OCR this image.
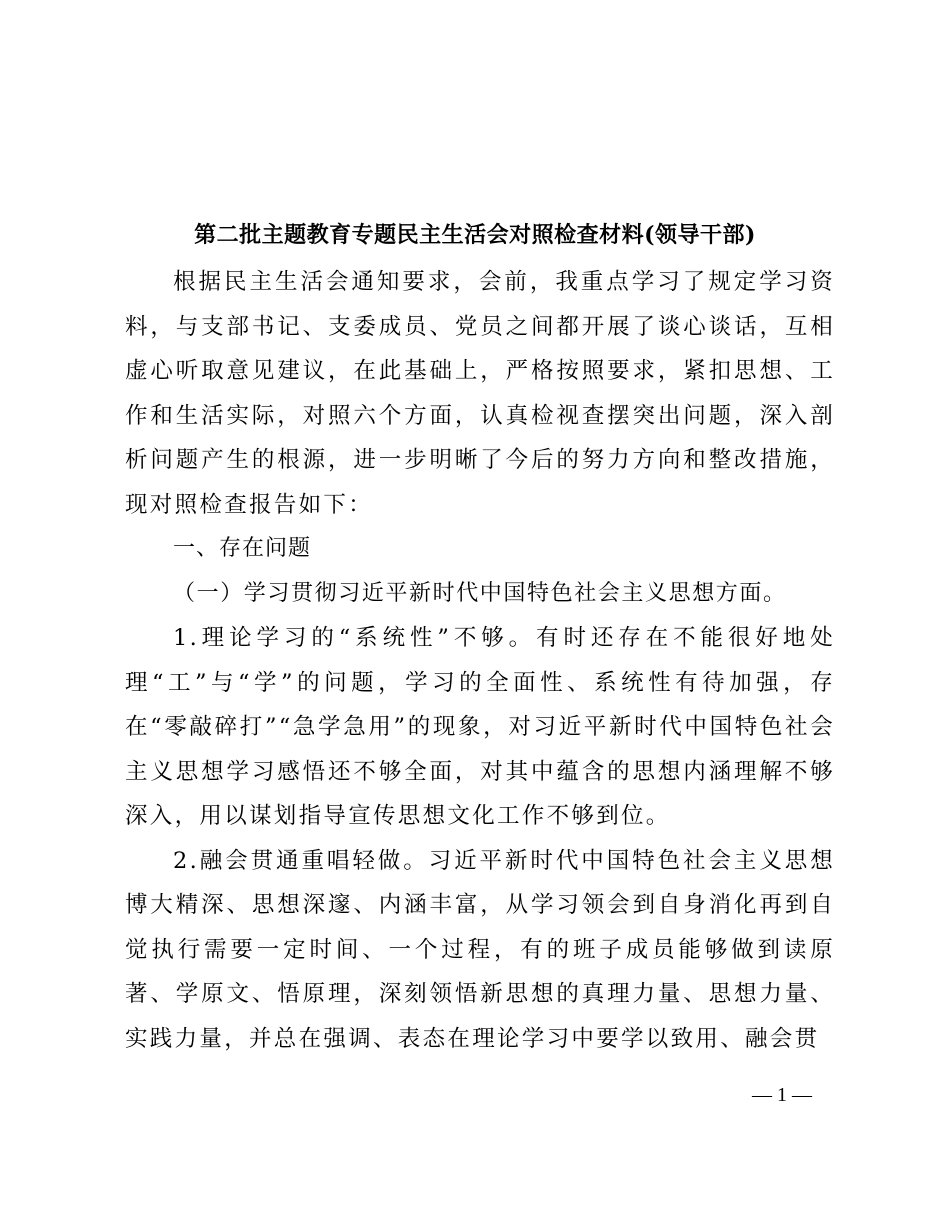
第二批主题教育专题民主生活会对照检查材料(领导干部)

根据民主生活会通知要求，会前，我重点学习了规定学习资料，与支部书记、支委成员、党员之间都开展了谈心谈话，互相虚心听取意见建议，在此基础上，严格按照要求，紧扣思想、工作和生活实际，对照六个方面，认真检视查摆突出问题，深入剖析问题产生的根源，进一步明晰了今后的努力方向和整改措施，现对照检查报告如下：

一、存在问题

（一）学习贯彻习近平新时代中国特色社会主义思想方面。

1.理论学习的“系统性”不够。有时还存在不能很好地处理“工”与“学”的问题，学习的全面性、系统性有待加强，存在“零敲碎打”“急学急用”的现象，对习近平新时代中国特色社会主义思想学习感悟还不够全面，对其中蕴含的思想内涵理解不够深入，用以谋划指导宣传思想文化工作不够到位。

2.融会贯通重唱轻做。习近平新时代中国特色社会主义思想博大精深、思想深邃、内涵丰富，从学习领会到自身消化再到自觉执行需要一定时间、一个过程，有的班子成员能够做到读原著、学原文、悟原理，深刻领悟新思想的真理力量、思想力量、实践力量，并总在强调、表态在理论学习中要学以致用、融会贯

— 1 —
